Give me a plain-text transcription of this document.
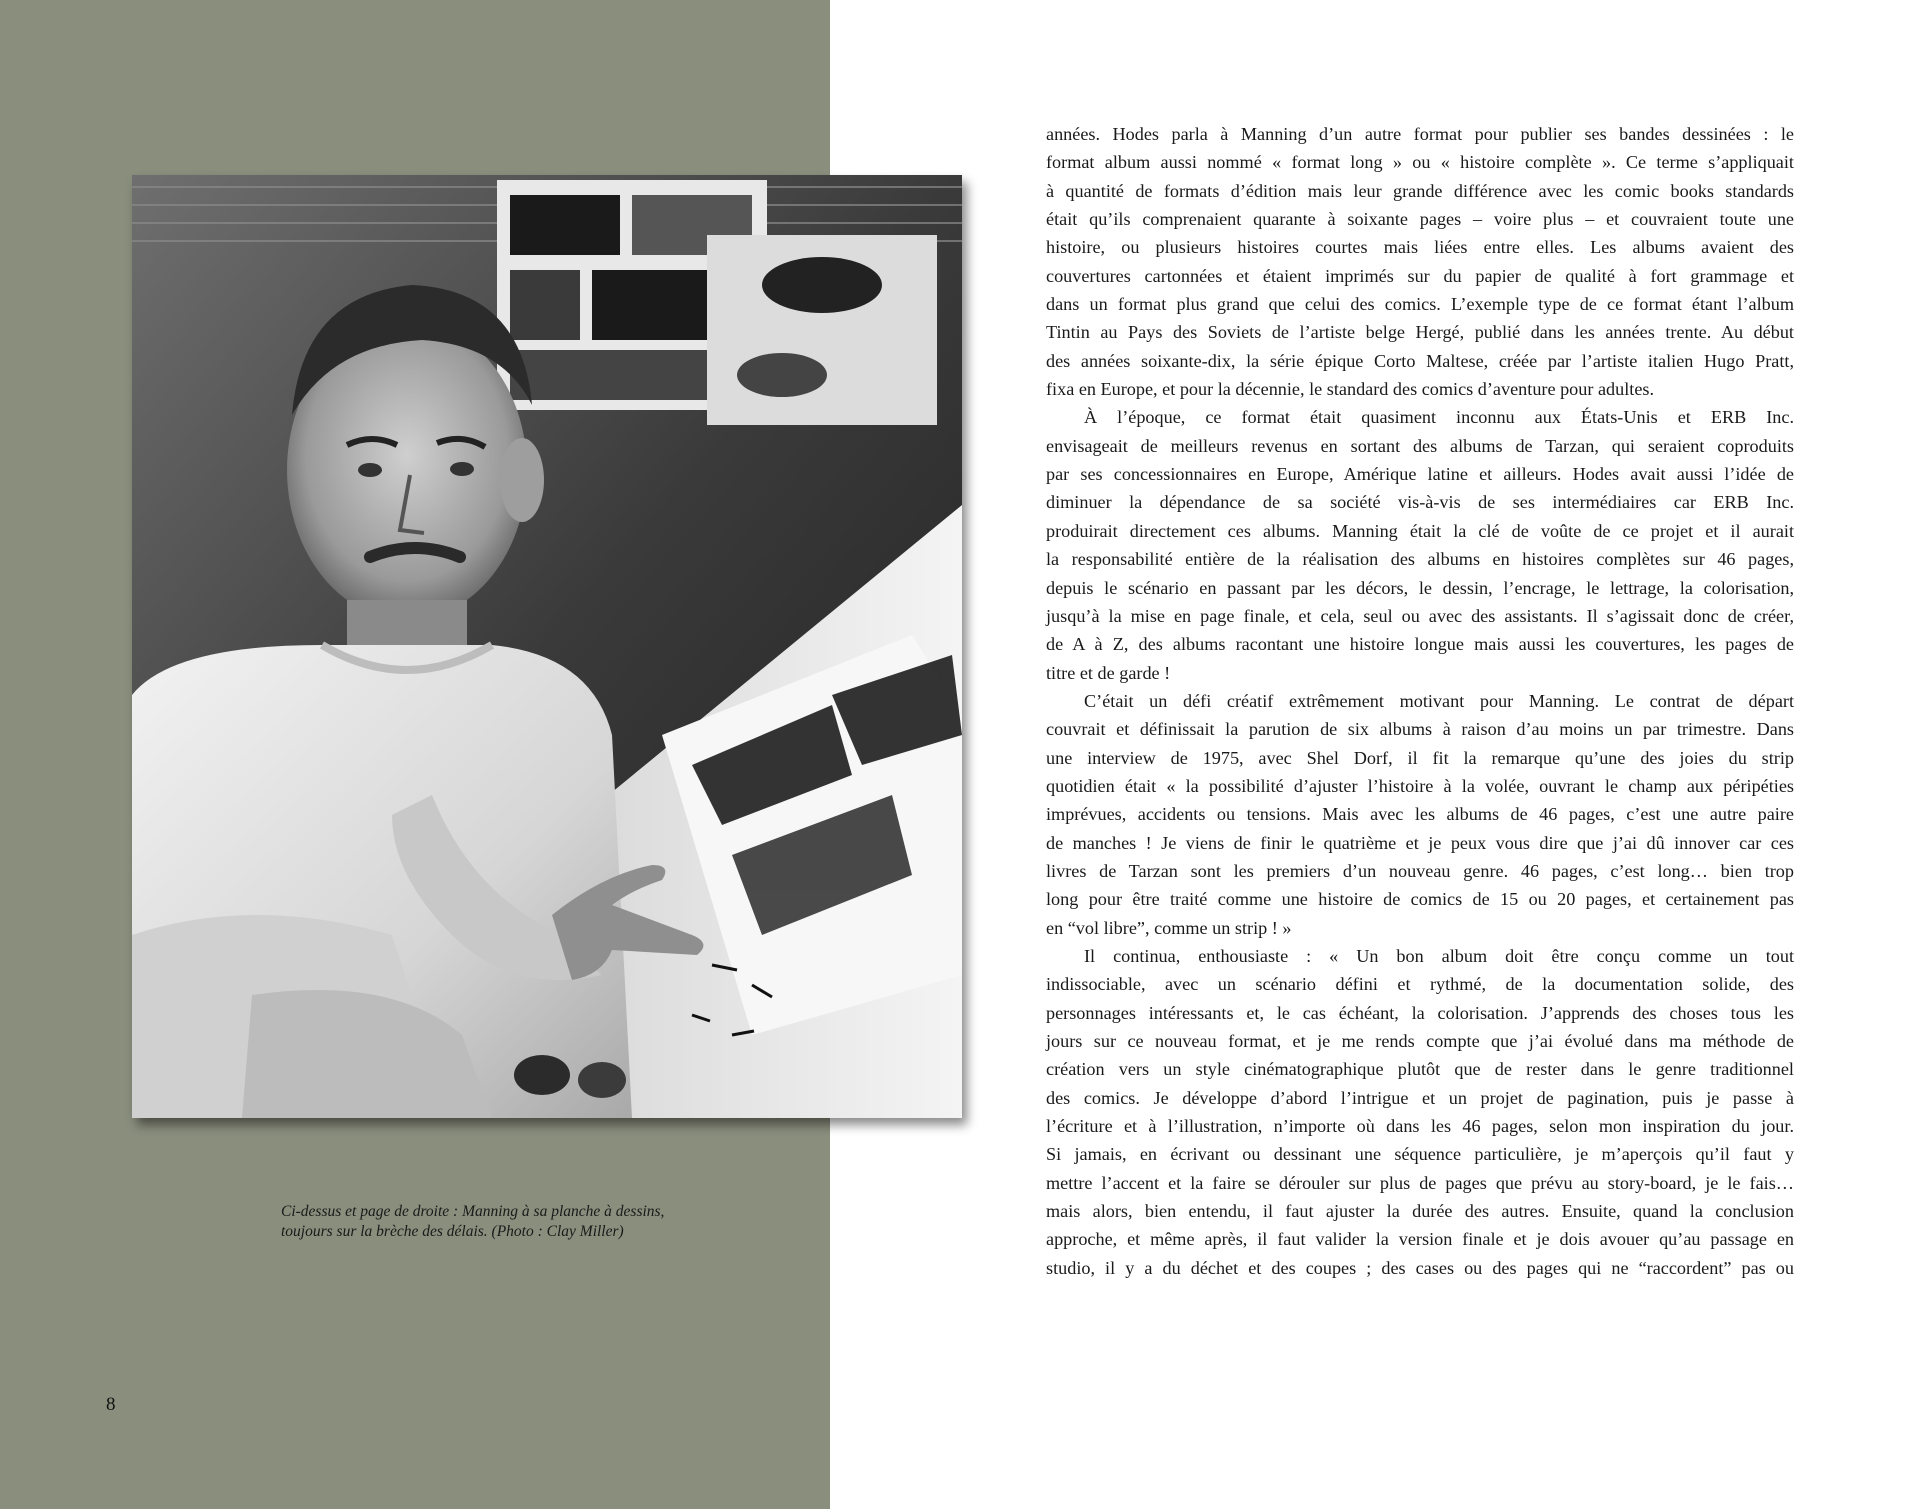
Ci-dessus et page de droite : Manning à sa planche à dessins,
toujours sur la brèche des délais. (Photo : Clay Miller)
8
années. Hodes parla à Manning d’un autre format pour publier ses bandes dessinées : le
format album aussi nommé « format long » ou « histoire complète ». Ce terme s’appliquait
à quantité de formats d’édition mais leur grande différence avec les comic books standards
était qu’ils comprenaient quarante à soixante pages – voire plus – et couvraient toute une
histoire, ou plusieurs histoires courtes mais liées entre elles. Les albums avaient des
couvertures cartonnées et étaient imprimés sur du papier de qualité à fort grammage et
dans un format plus grand que celui des comics. L’exemple type de ce format étant l’album
Tintin au Pays des Soviets de l’artiste belge Hergé, publié dans les années trente. Au début
des années soixante-dix, la série épique Corto Maltese, créée par l’artiste italien Hugo Pratt,
fixa en Europe, et pour la décennie, le standard des comics d’aventure pour adultes.
À l’époque, ce format était quasiment inconnu aux États-Unis et ERB Inc.
envisageait de meilleurs revenus en sortant des albums de Tarzan, qui seraient coproduits
par ses concessionnaires en Europe, Amérique latine et ailleurs. Hodes avait aussi l’idée de
diminuer la dépendance de sa société vis-à-vis de ses intermédiaires car ERB Inc.
produirait directement ces albums. Manning était la clé de voûte de ce projet et il aurait
la responsabilité entière de la réalisation des albums en histoires complètes sur 46 pages,
depuis le scénario en passant par les décors, le dessin, l’encrage, le lettrage, la colorisation,
jusqu’à la mise en page finale, et cela, seul ou avec des assistants. Il s’agissait donc de créer,
de A à Z, des albums racontant une histoire longue mais aussi les couvertures, les pages de
titre et de garde !
C’était un défi créatif extrêmement motivant pour Manning. Le contrat de départ
couvrait et définissait la parution de six albums à raison d’au moins un par trimestre. Dans
une interview de 1975, avec Shel Dorf, il fit la remarque qu’une des joies du strip
quotidien était « la possibilité d’ajuster l’histoire à la volée, ouvrant le champ aux péripéties
imprévues, accidents ou tensions. Mais avec les albums de 46 pages, c’est une autre paire
de manches ! Je viens de finir le quatrième et je peux vous dire que j’ai dû innover car ces
livres de Tarzan sont les premiers d’un nouveau genre. 46 pages, c’est long… bien trop
long pour être traité comme une histoire de comics de 15 ou 20 pages, et certainement pas
en “vol libre”, comme un strip ! »
Il continua, enthousiaste : « Un bon album doit être conçu comme un tout
indissociable, avec un scénario défini et rythmé, de la documentation solide, des
personnages intéressants et, le cas échéant, la colorisation. J’apprends des choses tous les
jours sur ce nouveau format, et je me rends compte que j’ai évolué dans ma méthode de
création vers un style cinématographique plutôt que de rester dans le genre traditionnel
des comics. Je développe d’abord l’intrigue et un projet de pagination, puis je passe à
l’écriture et à l’illustration, n’importe où dans les 46 pages, selon mon inspiration du jour.
Si jamais, en écrivant ou dessinant une séquence particulière, je m’aperçois qu’il faut y
mettre l’accent et la faire se dérouler sur plus de pages que prévu au story-board, je le fais…
mais alors, bien entendu, il faut ajuster la durée des autres. Ensuite, quand la conclusion
approche, et même après, il faut valider la version finale et je dois avouer qu’au passage en
studio, il y a du déchet et des coupes ; des cases ou des pages qui ne “raccordent” pas ou
